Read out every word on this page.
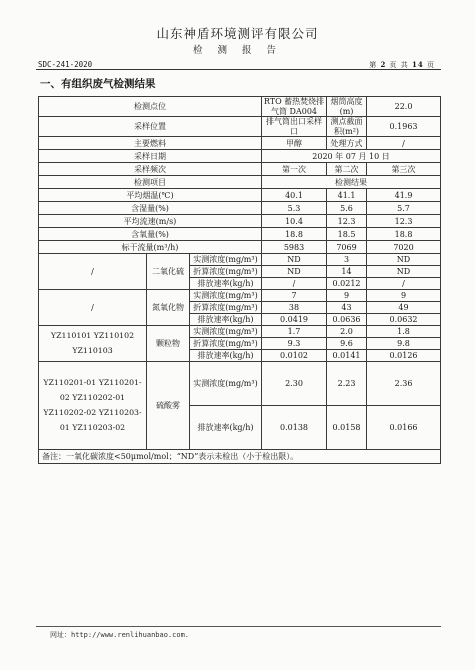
山东神盾环境测评有限公司
检 测 报 告
SDC-241-2020	第 2 页 共 14 页
一、有组织废气检测结果
检测点位			RTO 蓄热焚烧排气筒 DA004	烟筒高度(m)	22.0
采样位置			排气筒出口采样口	测点截面积(m²)	0.1963
主要燃料			甲醇	处理方式	/
采样日期			2020 年 07 月 10 日		
采样频次			第一次	第二次	第三次
检测项目			检测结果		
平均烟温(℃)			40.1	41.1	41.9
含湿量(%)			5.3	5.6	5.7
平均流速(m/s)			10.4	12.3	12.3
含氧量(%)			18.8	18.5	18.8
标干流量(m³/h)			5983	7069	7020
/	二氧化硫	实测浓度(mg/m³)	ND	3	ND
		折算浓度(mg/m³)	ND	14	ND
		排放速率(kg/h)	/	0.0212	/
/	氮氧化物	实测浓度(mg/m³)	7	9	9
		折算浓度(mg/m³)	38	43	49
		排放速率(kg/h)	0.0419	0.0636	0.0632
YZ110101 YZ110102 YZ110103	颗粒物	实测浓度(mg/m³)	1.7	2.0	1.8
		折算浓度(mg/m³)	9.3	9.6	9.8
		排放速率(kg/h)	0.0102	0.0141	0.0126
YZ110201-01 YZ110201-02 YZ110202-01 YZ110202-02 YZ110203-01 YZ110203-02	硫酸雾	实测浓度(mg/m³)	2.30	2.23	2.36
		排放速率(kg/h)	0.0138	0.0158	0.0166
备注：一氧化碳浓度<50μmol/mol；“ND”表示未检出（小于检出限）。					
网址：http://www.renlihuanbao.com.
